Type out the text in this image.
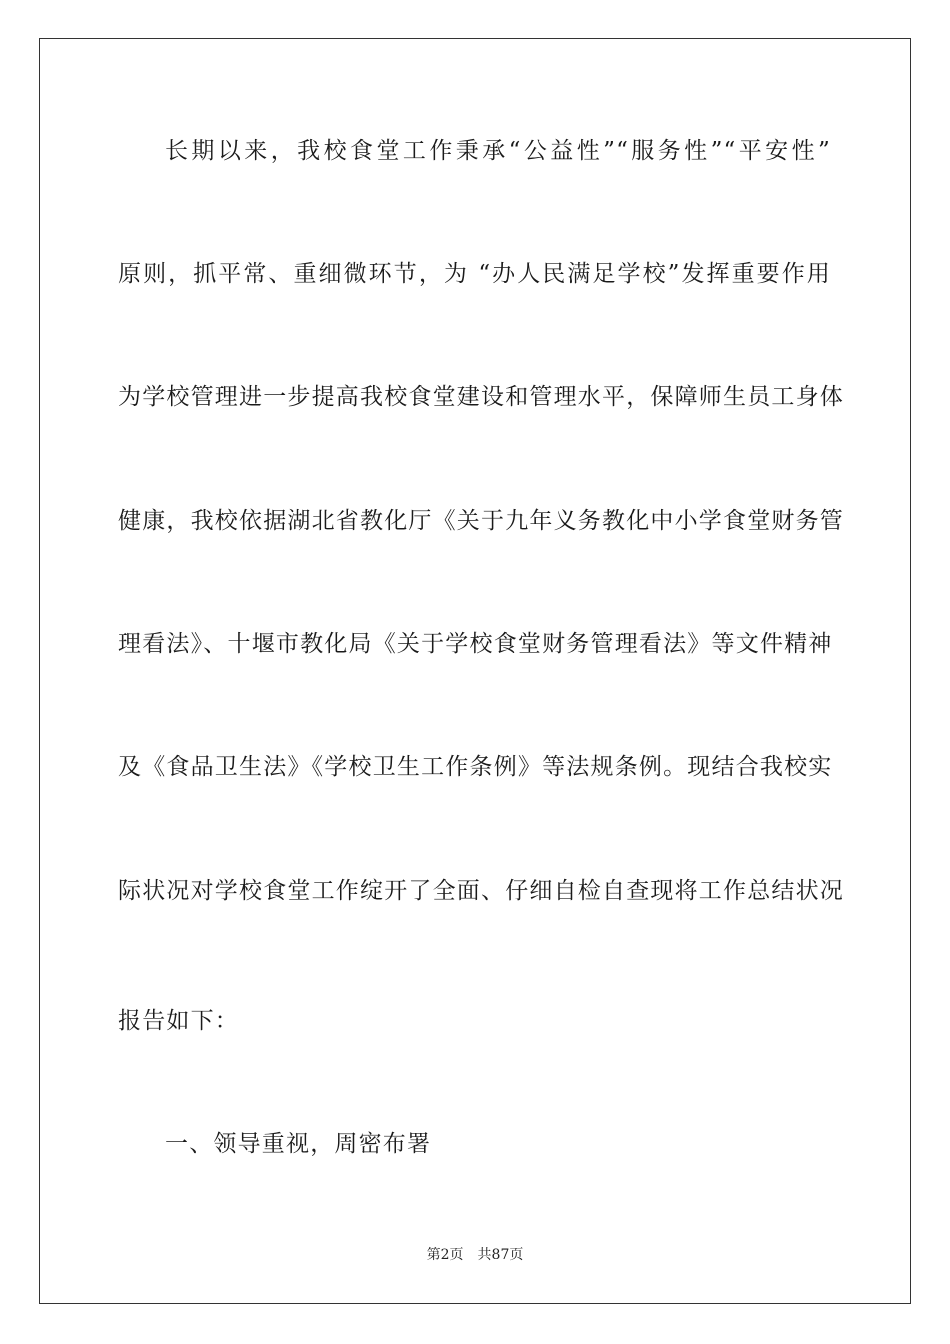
长期以来，我校食堂工作秉承“公益性”“服务性”“平安性”
原则，抓平常、重细微环节，为 “办人民满足学校”发挥重要作用
为学校管理进一步提高我校食堂建设和管理水平，保障师生员工身体
健康，我校依据湖北省教化厅《关于九年义务教化中小学食堂财务管
理看法》、十堰市教化局《关于学校食堂财务管理看法》等文件精神
及《食品卫生法》《学校卫生工作条例》等法规条例。现结合我校实
际状况对学校食堂工作绽开了全面、仔细自检自查现将工作总结状况
报告如下：
一、领导重视，周密布署
第2页 共87页
